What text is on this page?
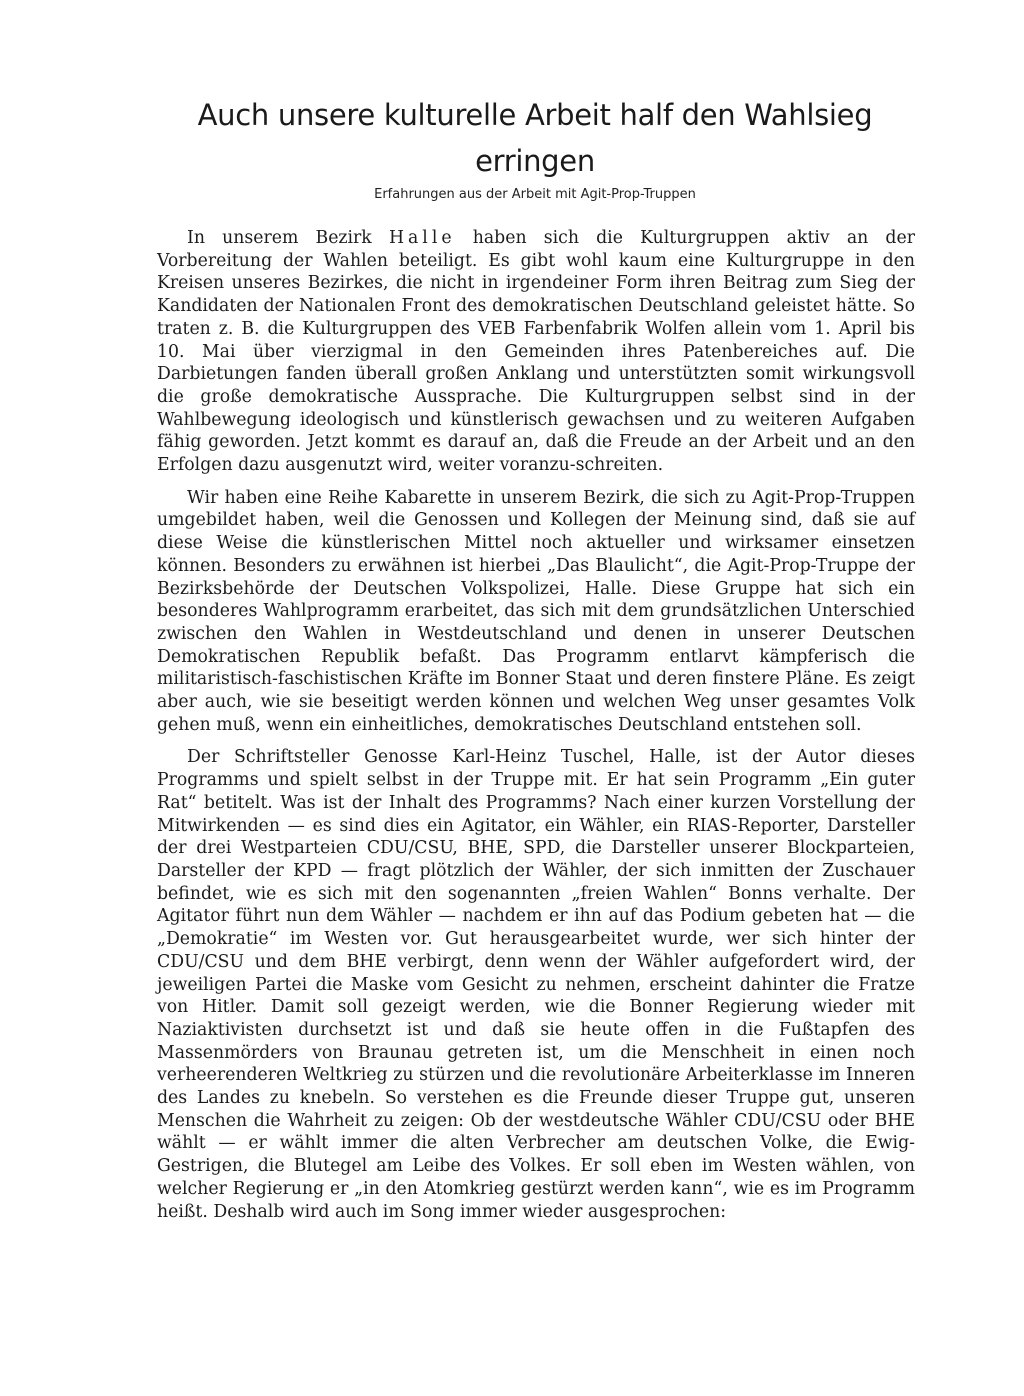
Auch unsere kulturelle Arbeit half den Wahlsieg erringen
Erfahrungen aus der Arbeit mit Agit-Prop-Truppen

In unserem Bezirk Halle haben sich die Kulturgruppen aktiv an der Vorbereitung der Wahlen beteiligt. Es gibt wohl kaum eine Kulturgruppe in den Kreisen unseres Bezirkes, die nicht in irgendeiner Form ihren Beitrag zum Sieg der Kandidaten der Nationalen Front des demokratischen Deutschland geleistet hätte. So traten z. B. die Kulturgruppen des VEB Farbenfabrik Wolfen allein vom 1. April bis 10. Mai über vierzigmal in den Gemeinden ihres Patenbereiches auf. Die Darbietungen fanden überall großen Anklang und unterstützten somit wirkungsvoll die große demokratische Aussprache. Die Kulturgruppen selbst sind in der Wahlbewegung ideologisch und künstlerisch gewachsen und zu weiteren Aufgaben fähig geworden. Jetzt kommt es darauf an, daß die Freude an der Arbeit und an den Erfolgen dazu ausgenutzt wird, weiter voranzu-schreiten.

Wir haben eine Reihe Kabarette in unserem Bezirk, die sich zu Agit-Prop-Truppen umgebildet haben, weil die Genossen und Kollegen der Meinung sind, daß sie auf diese Weise die künstlerischen Mittel noch aktueller und wirksamer einsetzen können. Besonders zu erwähnen ist hierbei „Das Blaulicht“, die Agit-Prop-Truppe der Bezirksbehörde der Deutschen Volkspolizei, Halle. Diese Gruppe hat sich ein besonderes Wahlprogramm erarbeitet, das sich mit dem grundsätzlichen Unterschied zwischen den Wahlen in Westdeutschland und denen in unserer Deutschen Demokratischen Republik befaßt. Das Programm entlarvt kämpferisch die militaristisch-faschistischen Kräfte im Bonner Staat und deren finstere Pläne. Es zeigt aber auch, wie sie beseitigt werden können und welchen Weg unser gesamtes Volk gehen muß, wenn ein einheitliches, demokratisches Deutschland entstehen soll.

Der Schriftsteller Genosse Karl-Heinz Tuschel, Halle, ist der Autor dieses Programms und spielt selbst in der Truppe mit. Er hat sein Programm „Ein guter Rat“ betitelt. Was ist der Inhalt des Programms? Nach einer kurzen Vorstellung der Mitwirkenden — es sind dies ein Agitator, ein Wähler, ein RIAS-Reporter, Darsteller der drei Westparteien CDU/CSU, BHE, SPD, die Darsteller unserer Blockparteien, Darsteller der KPD — fragt plötzlich der Wähler, der sich inmitten der Zuschauer befindet, wie es sich mit den sogenannten „freien Wahlen“ Bonns verhalte. Der Agitator führt nun dem Wähler — nachdem er ihn auf das Podium gebeten hat — die „Demokratie“ im Westen vor. Gut herausgearbeitet wurde, wer sich hinter der CDU/CSU und dem BHE verbirgt, denn wenn der Wähler aufgefordert wird, der jeweiligen Partei die Maske vom Gesicht zu nehmen, erscheint dahinter die Fratze von Hitler. Damit soll gezeigt werden, wie die Bonner Regierung wieder mit Naziaktivisten durchsetzt ist und daß sie heute offen in die Fußtapfen des Massenmörders von Braunau getreten ist, um die Menschheit in einen noch verheerenderen Weltkrieg zu stürzen und die revolutionäre Arbeiterklasse im Inneren des Landes zu knebeln. So verstehen es die Freunde dieser Truppe gut, unseren Menschen die Wahrheit zu zeigen: Ob der westdeutsche Wähler CDU/CSU oder BHE wählt — er wählt immer die alten Verbrecher am deutschen Volke, die Ewig-Gestrigen, die Blutegel am Leibe des Volkes. Er soll eben im Westen wählen, von welcher Regierung er „in den Atomkrieg gestürzt werden kann“, wie es im Programm heißt. Deshalb wird auch im Song immer wieder ausgesprochen:
